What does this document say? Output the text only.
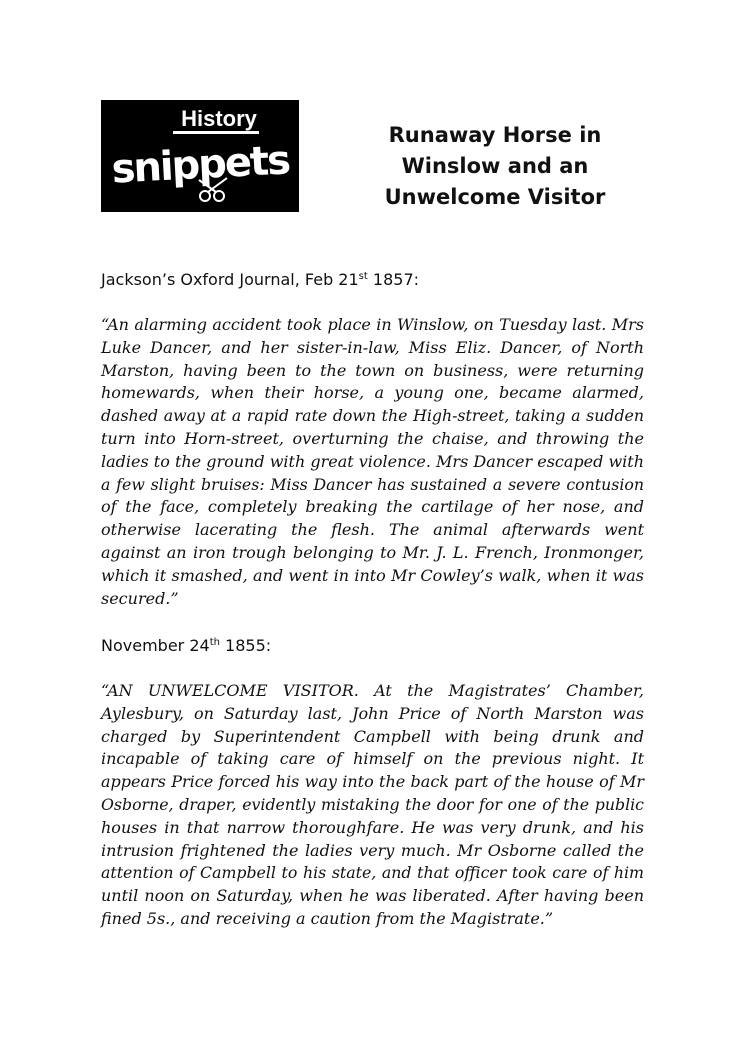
History
snippets
Runaway Horse in
Winslow and an
Unwelcome Visitor
Jackson’s Oxford Journal, Feb 21st 1857:
“An alarming accident took place in Winslow, on Tuesday last. Mrs
Luke Dancer, and her sister-in-law, Miss Eliz. Dancer, of North
Marston, having been to the town on business, were returning
homewards, when their horse, a young one, became alarmed,
dashed away at a rapid rate down the High-street, taking a sudden
turn into Horn-street, overturning the chaise, and throwing the
ladies to the ground with great violence. Mrs Dancer escaped with
a few slight bruises: Miss Dancer has sustained a severe contusion
of the face, completely breaking the cartilage of her nose, and
otherwise lacerating the flesh. The animal afterwards went
against an iron trough belonging to Mr. J. L. French, Ironmonger,
which it smashed, and went in into Mr Cowley’s walk, when it was
secured.”
November 24th 1855:
“AN UNWELCOME VISITOR. At the Magistrates’ Chamber,
Aylesbury, on Saturday last, John Price of North Marston was
charged by Superintendent Campbell with being drunk and
incapable of taking care of himself on the previous night. It
appears Price forced his way into the back part of the house of Mr
Osborne, draper, evidently mistaking the door for one of the public
houses in that narrow thoroughfare. He was very drunk, and his
intrusion frightened the ladies very much. Mr Osborne called the
attention of Campbell to his state, and that officer took care of him
until noon on Saturday, when he was liberated. After having been
fined 5s., and receiving a caution from the Magistrate.”
